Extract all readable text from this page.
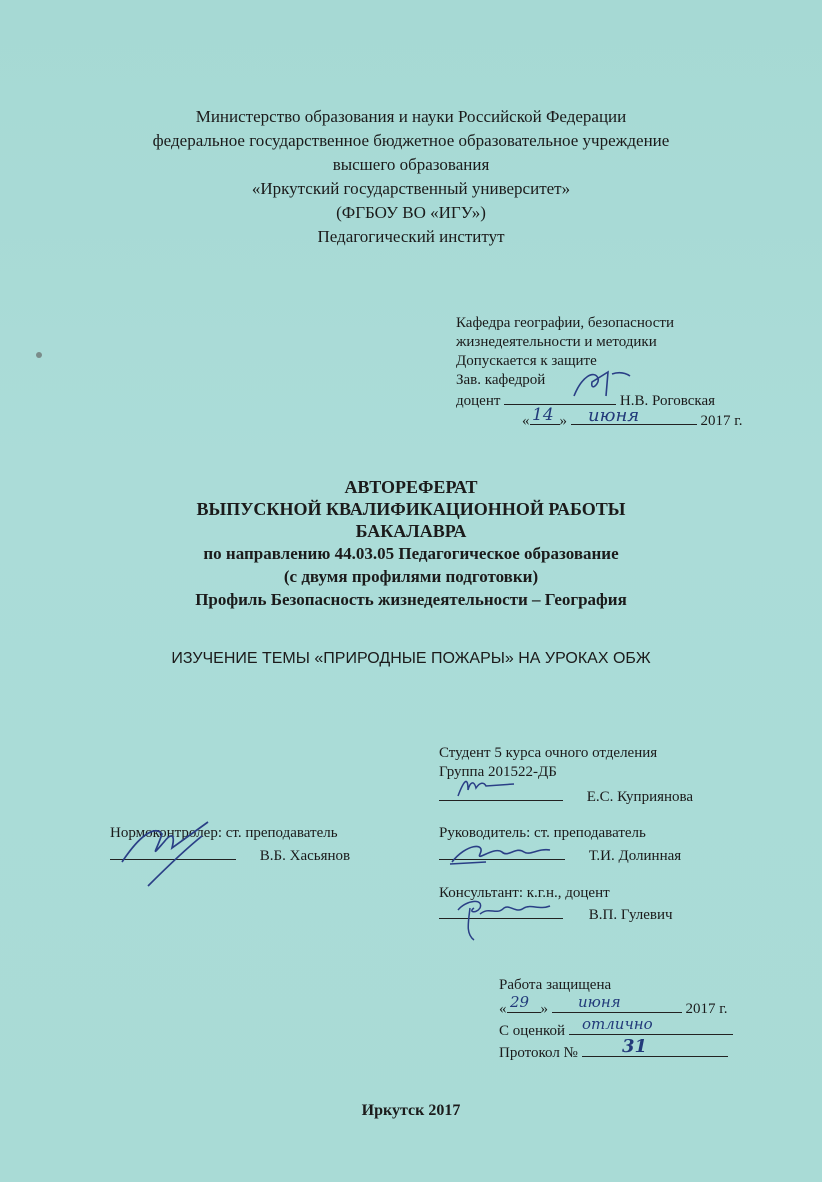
Министерство образования и науки Российской Федерации
федеральное государственное бюджетное образовательное учреждение
высшего образования
«Иркутский государственный университет»
(ФГБОУ ВО «ИГУ»)
Педагогический институт
Кафедра географии, безопасности
жизнедеятельности и методики
Допускается к защите
Зав. кафедрой
доцент	Н.В. Роговская
« »	2017 г.
14 июня
АВТОРЕФЕРАТ
ВЫПУСКНОЙ КВАЛИФИКАЦИОННОЙ РАБОТЫ
БАКАЛАВРА
по направлению 44.03.05 Педагогическое образование
(с двумя профилями подготовки)
Профиль Безопасность жизнедеятельности – География
ИЗУЧЕНИЕ ТЕМЫ «ПРИРОДНЫЕ ПОЖАРЫ» НА УРОКАХ ОБЖ
Студент 5 курса очного отделения
Группа 201522-ДБ
Е.С. Куприянова
Нормоконтролер: ст. преподаватель
В.Б. Хасьянов
Руководитель: ст. преподаватель
Т.И. Долинная
Консультант: к.г.н., доцент
В.П. Гулевич
Работа защищена
« »	2017 г.
29	июня
С оценкой	отлично
Протокол №	31
Иркутск 2017
